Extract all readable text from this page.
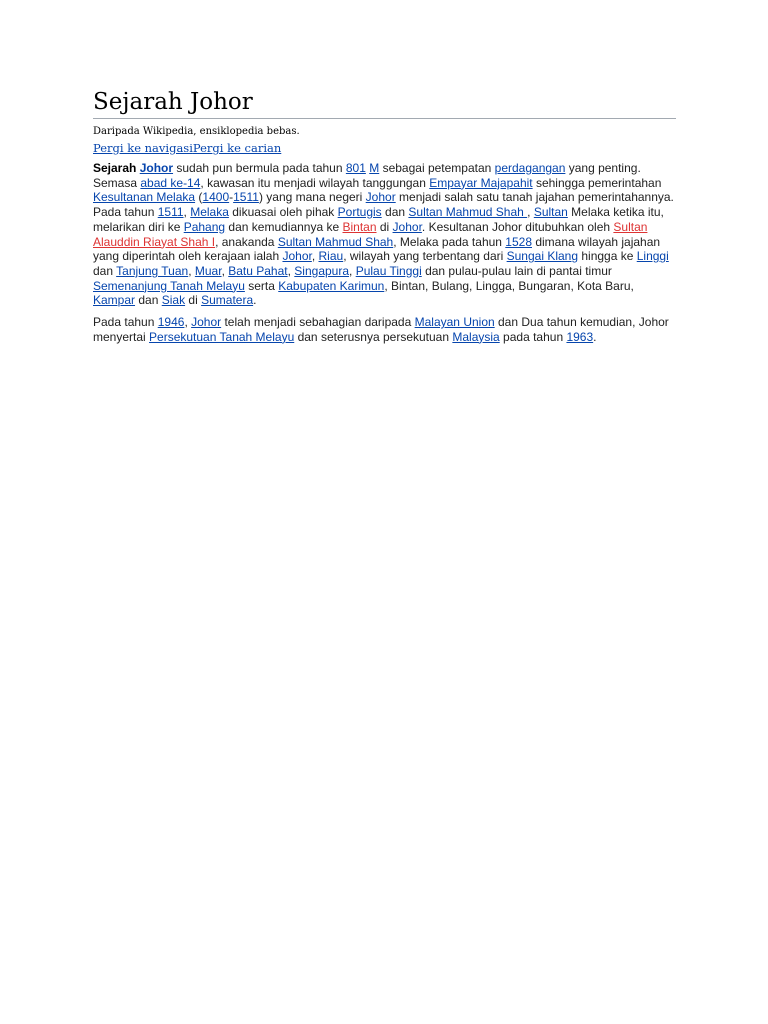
Sejarah Johor
Daripada Wikipedia, ensiklopedia bebas.
Pergi ke navigasiPergi ke carian

Sejarah Johor sudah pun bermula pada tahun 801 M sebagai petempatan perdagangan yang penting. Semasa abad ke-14, kawasan itu menjadi wilayah tanggungan Empayar Majapahit sehingga pemerintahan Kesultanan Melaka (1400-1511) yang mana negeri Johor menjadi salah satu tanah jajahan pemerintahannya. Pada tahun 1511, Melaka dikuasai oleh pihak Portugis dan Sultan Mahmud Shah , Sultan Melaka ketika itu, melarikan diri ke Pahang dan kemudiannya ke Bintan di Johor. Kesultanan Johor ditubuhkan oleh Sultan Alauddin Riayat Shah I, anakanda Sultan Mahmud Shah, Melaka pada tahun 1528 dimana wilayah jajahan yang diperintah oleh kerajaan ialah Johor, Riau, wilayah yang terbentang dari Sungai Klang hingga ke Linggi dan Tanjung Tuan, Muar, Batu Pahat, Singapura, Pulau Tinggi dan pulau-pulau lain di pantai timur Semenanjung Tanah Melayu serta Kabupaten Karimun, Bintan, Bulang, Lingga, Bungaran, Kota Baru, Kampar dan Siak di Sumatera.

Pada tahun 1946, Johor telah menjadi sebahagian daripada Malayan Union dan Dua tahun kemudian, Johor menyertai Persekutuan Tanah Melayu dan seterusnya persekutuan Malaysia pada tahun 1963.
